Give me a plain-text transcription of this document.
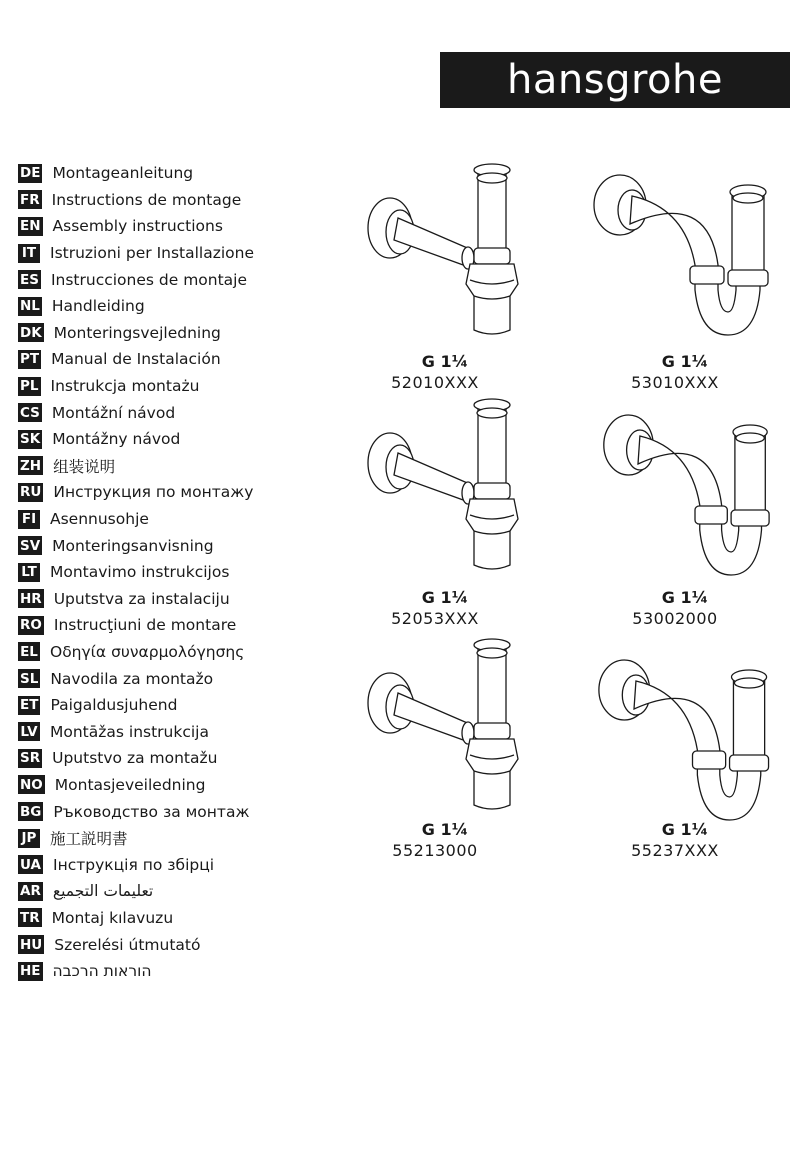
hansgrohe
DE Montageanleitung
FR Instructions de montage
EN Assembly instructions
IT Istruzioni per Installazione
ES Instrucciones de montaje
NL Handleiding
DK Monteringsvejledning
PT Manual de Instalación
PL Instrukcja montażu
CS Montážní návod
SK Montážny návod
ZH 组装说明
RU Инструкция по монтажу
FI Asennusohje
SV Monteringsanvisning
LT Montavimo instrukcijos
HR Uputstva za instalaciju
RO Instrucţiuni de montare
EL Οδηγία συναρμολόγησης
SL Navodila za montažo
ET Paigaldusjuhend
LV Montāžas instrukcija
SR Uputstvo za montažu
NO Montasjeveiledning
BG Ръководство за монтаж
JP 施工説明書
UA Інструкція по збірці
AR تعليمات التجميع
TR Montaj kılavuzu
HU Szerelési útmutató
HE הוראות הרכבה
G 1¼
52010XXX
G 1¼
53010XXX
G 1¼
52053XXX
G 1¼
53002000
G 1¼
55213000
G 1¼
55237XXX
